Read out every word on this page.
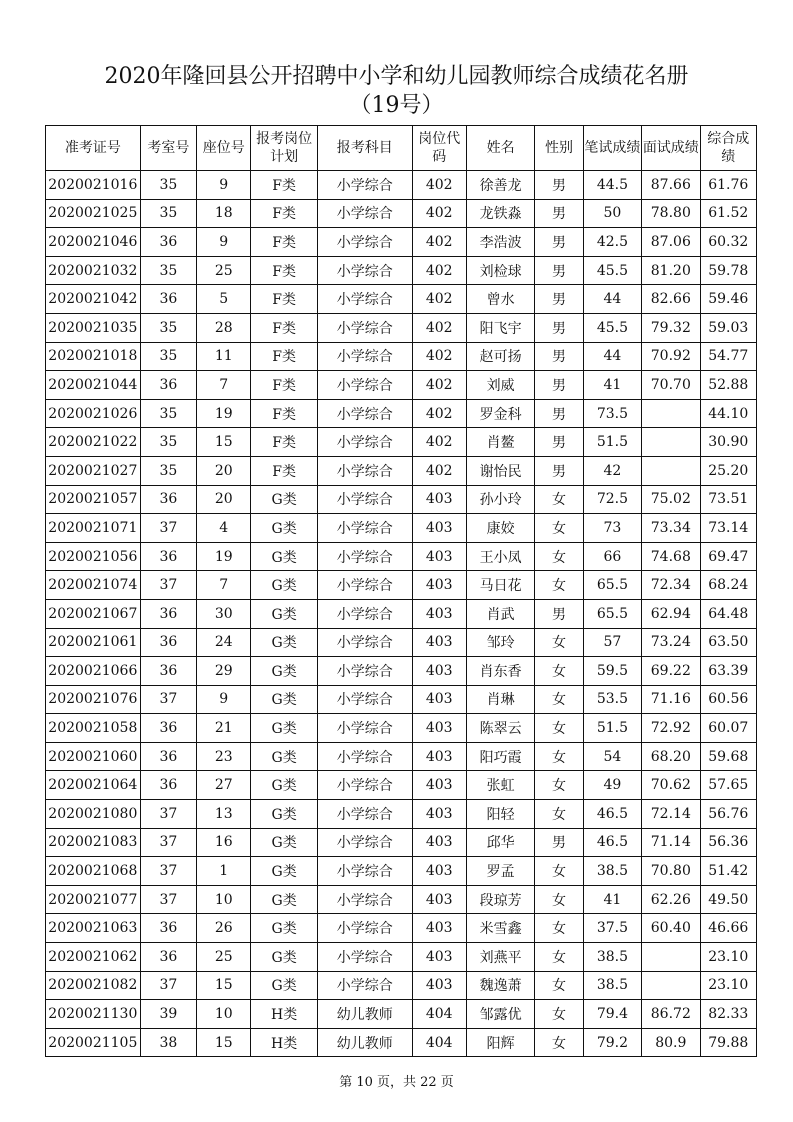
2020年隆回县公开招聘中小学和幼儿园教师综合成绩花名册
（19号）
准考证号	考室号	座位号	报考岗位计划	报考科目	岗位代码	姓名	性别	笔试成绩	面试成绩	综合成绩
2020021016	35	9	F类	小学综合	402	徐善龙	男	44.5	87.66	61.76
2020021025	35	18	F类	小学综合	402	龙铁淼	男	50	78.80	61.52
2020021046	36	9	F类	小学综合	402	李浩波	男	42.5	87.06	60.32
2020021032	35	25	F类	小学综合	402	刘检球	男	45.5	81.20	59.78
2020021042	36	5	F类	小学综合	402	曾水	男	44	82.66	59.46
2020021035	35	28	F类	小学综合	402	阳飞宇	男	45.5	79.32	59.03
2020021018	35	11	F类	小学综合	402	赵可扬	男	44	70.92	54.77
2020021044	36	7	F类	小学综合	402	刘威	男	41	70.70	52.88
2020021026	35	19	F类	小学综合	402	罗金科	男	73.5		44.10
2020021022	35	15	F类	小学综合	402	肖鳌	男	51.5		30.90
2020021027	35	20	F类	小学综合	402	谢怡民	男	42		25.20
2020021057	36	20	G类	小学综合	403	孙小玲	女	72.5	75.02	73.51
2020021071	37	4	G类	小学综合	403	康姣	女	73	73.34	73.14
2020021056	36	19	G类	小学综合	403	王小凤	女	66	74.68	69.47
2020021074	37	7	G类	小学综合	403	马日花	女	65.5	72.34	68.24
2020021067	36	30	G类	小学综合	403	肖武	男	65.5	62.94	64.48
2020021061	36	24	G类	小学综合	403	邹玲	女	57	73.24	63.50
2020021066	36	29	G类	小学综合	403	肖东香	女	59.5	69.22	63.39
2020021076	37	9	G类	小学综合	403	肖琳	女	53.5	71.16	60.56
2020021058	36	21	G类	小学综合	403	陈翠云	女	51.5	72.92	60.07
2020021060	36	23	G类	小学综合	403	阳巧霞	女	54	68.20	59.68
2020021064	36	27	G类	小学综合	403	张虹	女	49	70.62	57.65
2020021080	37	13	G类	小学综合	403	阳轻	女	46.5	72.14	56.76
2020021083	37	16	G类	小学综合	403	邱华	男	46.5	71.14	56.36
2020021068	37	1	G类	小学综合	403	罗孟	女	38.5	70.80	51.42
2020021077	37	10	G类	小学综合	403	段琼芳	女	41	62.26	49.50
2020021063	36	26	G类	小学综合	403	米雪鑫	女	37.5	60.40	46.66
2020021062	36	25	G类	小学综合	403	刘燕平	女	38.5		23.10
2020021082	37	15	G类	小学综合	403	魏逸萧	女	38.5		23.10
2020021130	39	10	H类	幼儿教师	404	邹露优	女	79.4	86.72	82.33
2020021105	38	15	H类	幼儿教师	404	阳辉	女	79.2	80.9	79.88
第 10 页，共 22 页
